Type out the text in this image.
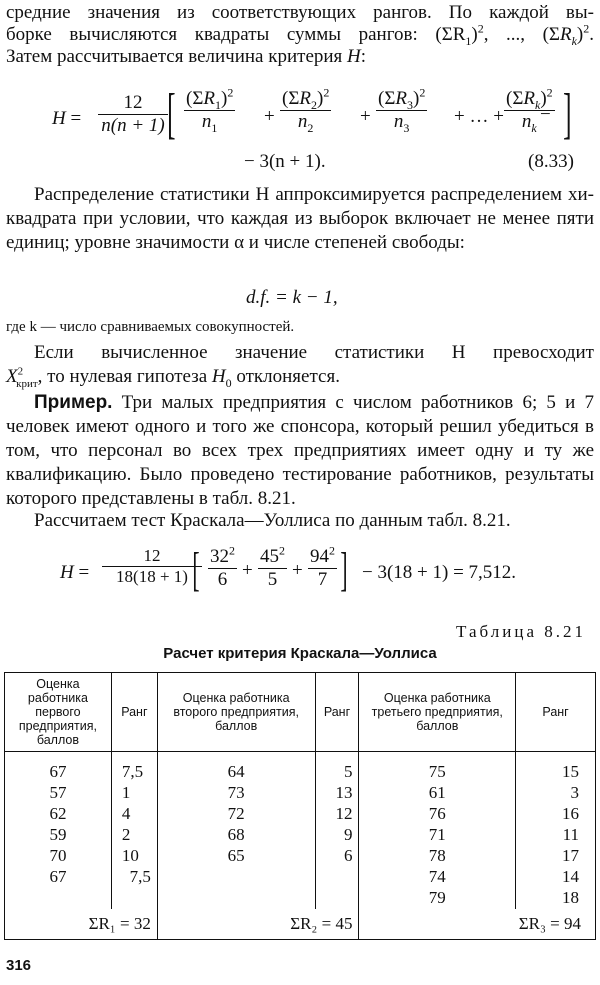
средние значения из соответствующих рангов. По каждой вы-
борке вычисляются квадраты суммы рангов: $(\Sigma R_1)^2$, ..., $(\Sigma R_k)^2$.
Затем рассчитывается величина критерия H:
$H = \frac{12}{n(n + 1)}$ [ $\frac{(\Sigma R_1)^2}{n_1} + \frac{(\Sigma R_2)^2}{n_2} + \frac{(\Sigma R_3)^2}{n_3}$ + … +
$(\Sigma R_k)^2$
$n_k$ ]
−
− 3(n + 1).	(8.33)
Распределение статистики H аппроксимируется распределением хи-квадрата при условии, что каждая из выборок включает не менее пяти единиц; уровне значимости α и числе степеней свободы:
d.f. = k − 1,
где k — число сравниваемых совокупностей.
Если вычисленное значение статистики H превосходит
$X^2_{крит}$, то нулевая гипотеза $H_0$ отклоняется.
Пример. Три малых предприятия с числом работников 6; 5 и 7 человек имеют одного и того же спонсора, который решил убедиться в том, что персонал во всех трех предприятиях имеет одну и ту же квалификацию. Было проведено тестирование работников, результаты которого представлены в табл. 8.21.
Рассчитаем тест Краскала—Уоллиса по данным табл. 8.21.
$H = \frac{12}{18(18 + 1)}$
[ $\frac{32^2}{6} + \frac{45^2}{5} + \frac{94^2}{7}$ ] − 3(18 + 1) = 7,512.
Таблица 8.21
Расчет критерия Краскала—Уоллиса
Оценка работника первого предприятия, баллов	Ранг	Оценка работника второго предприятия, баллов	Ранг	Оценка работника третьего предприятия, баллов	Ранг

67	7,5	64	5	75	15
57	1	73	13	61	3
62	4	72	12	76	16
59	2	68	9	71	11
70	10	65	6	78	17
67	7,5			74	14
				79	18
ΣR₁ = 32		ΣR₂ = 45		ΣR₃ = 94	
316
